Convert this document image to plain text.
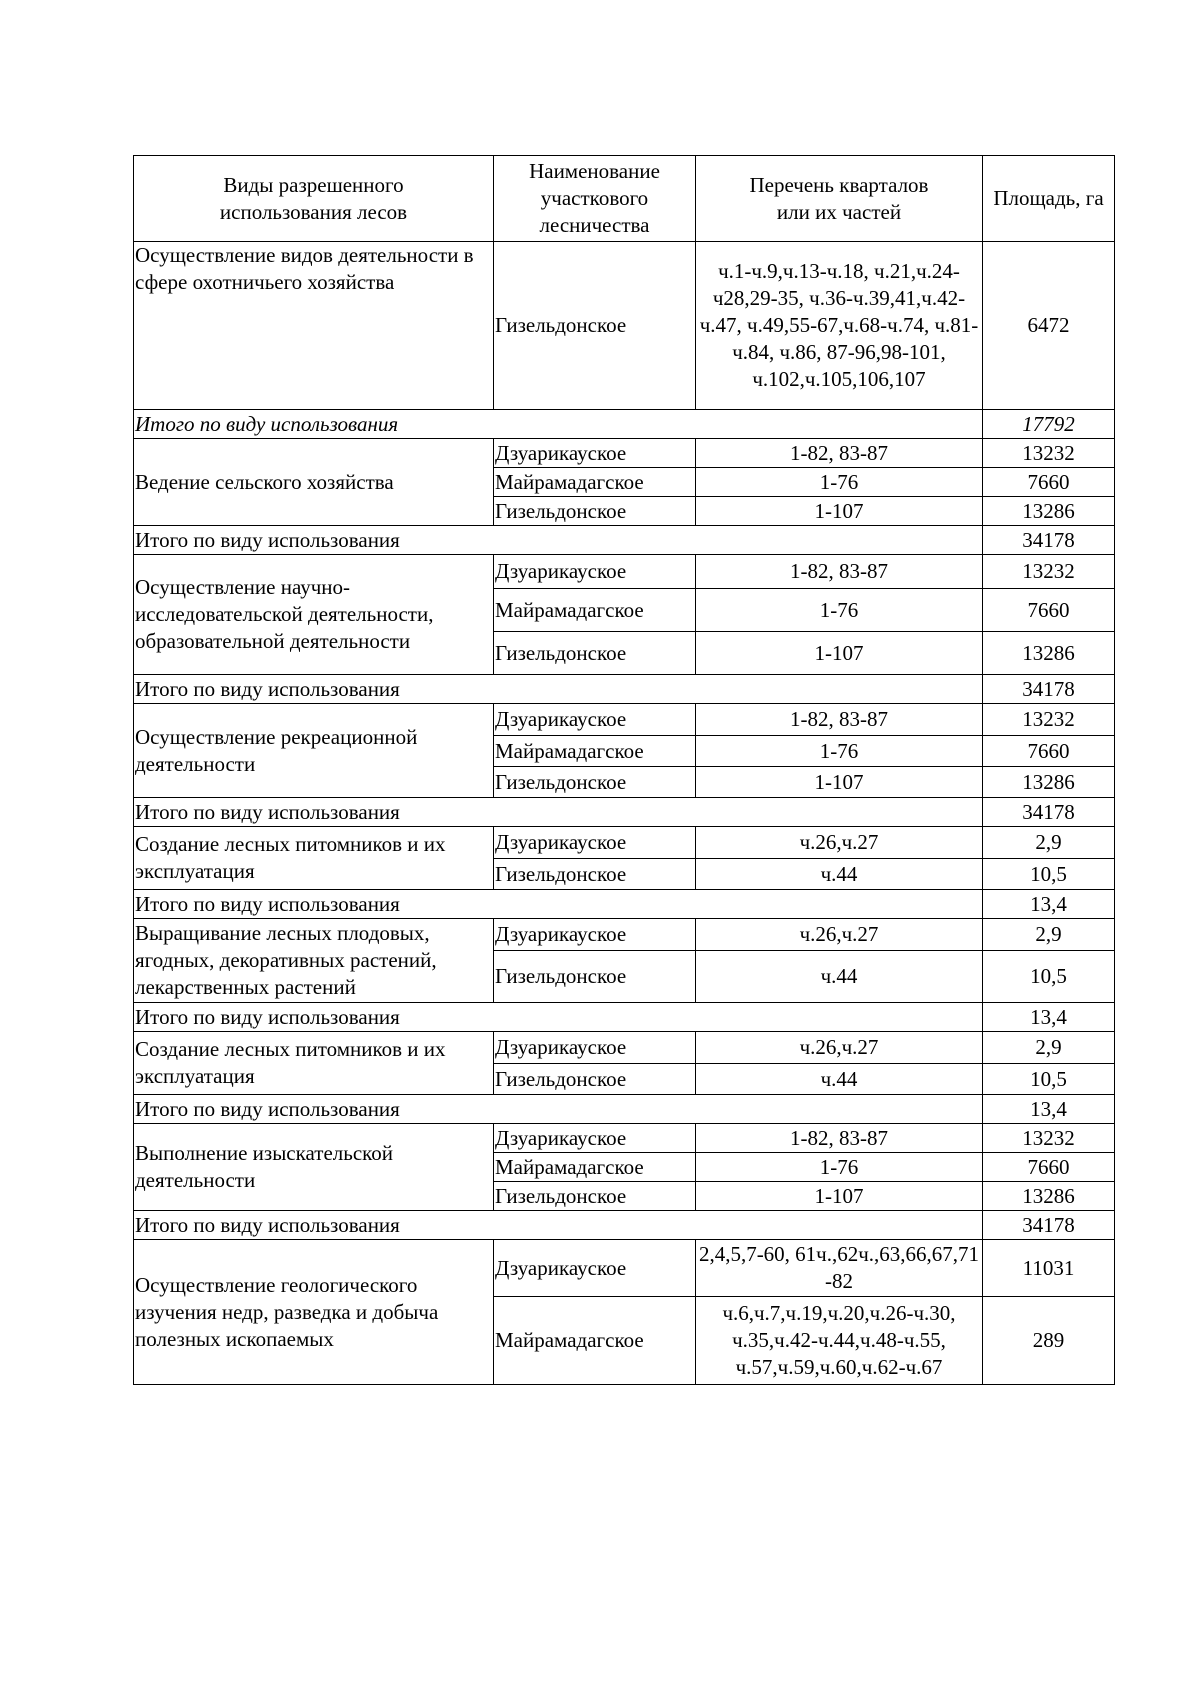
Виды разрешенного использования лесов	Наименование участкового лесничества	Перечень кварталов или их частей	Площадь, га
Осуществление видов деятельности в сфере охотничьего хозяйства	Гизельдонское	ч.1-ч.9,ч.13-ч.18, ч.21,ч.24-ч28,29-35, ч.36-ч.39,41,ч.42-ч.47, ч.49,55-67,ч.68-ч.74, ч.81-ч.84, ч.86, 87-96,98-101, ч.102,ч.105,106,107	6472
Итого по виду использования			17792
Ведение сельского хозяйства	Дзуарикауское	1-82, 83-87	13232
	Майрамадагское	1-76	7660
	Гизельдонское	1-107	13286
Итого по виду использования			34178
Осуществление научно-исследовательской деятельности, образовательной деятельности	Дзуарикауское	1-82, 83-87	13232
	Майрамадагское	1-76	7660
	Гизельдонское	1-107	13286
Итого по виду использования			34178
Осуществление рекреационной деятельности	Дзуарикауское	1-82, 83-87	13232
	Майрамадагское	1-76	7660
	Гизельдонское	1-107	13286
Итого по виду использования			34178
Создание лесных питомников и их эксплуатация	Дзуарикауское	ч.26,ч.27	2,9
	Гизельдонское	ч.44	10,5
Итого по виду использования			13,4
Выращивание лесных плодовых, ягодных, декоративных растений, лекарственных растений	Дзуарикауское	ч.26,ч.27	2,9
	Гизельдонское	ч.44	10,5
Итого по виду использования			13,4
Создание лесных питомников и их эксплуатация	Дзуарикауское	ч.26,ч.27	2,9
	Гизельдонское	ч.44	10,5
Итого по виду использования			13,4
Выполнение изыскательской деятельности	Дзуарикауское	1-82, 83-87	13232
	Майрамадагское	1-76	7660
	Гизельдонское	1-107	13286
Итого по виду использования			34178
Осуществление геологического изучения недр, разведка и добыча полезных ископаемых	Дзуарикауское	2,4,5,7-60, 61ч.,62ч.,63,66,67,71 -82	11031
	Майрамадагское	ч.6,ч.7,ч.19,ч.20,ч.26-ч.30, ч.35,ч.42-ч.44,ч.48-ч.55, ч.57,ч.59,ч.60,ч.62-ч.67	289
